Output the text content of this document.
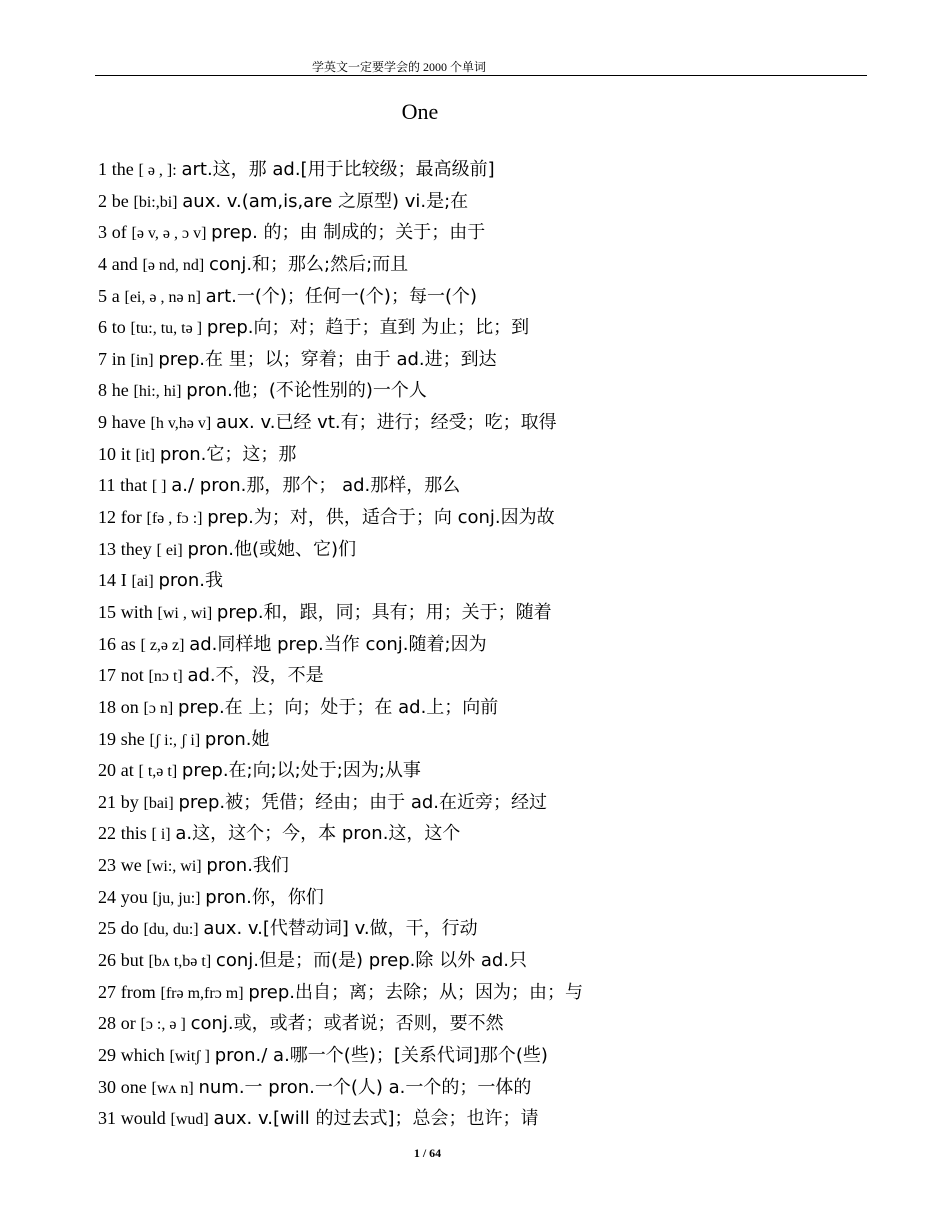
学英文一定要学会的 2000 个单词
One
1 the [ ə , ]: art.这，那 ad.[用于比较级；最高级前]
2 be [bi:,bi] aux. v.(am,is,are 之原型) vi.是;在
3 of [ə v, ə , ɔ v] prep. 的；由 制成的；关于；由于
4 and [ə nd, nd] conj.和；那么;然后;而且
5 a [ei, ə , nə n] art.一(个)；任何一(个)；每一(个)
6 to [tu:, tu, tə ] prep.向；对；趋于；直到 为止；比；到
7 in [in] prep.在 里；以；穿着；由于 ad.进；到达
8 he [hi:, hi] pron.他；(不论性别的)一个人
9 have [h v,hə v] aux. v.已经 vt.有；进行；经受；吃；取得
10 it [it] pron.它；这；那
11 that [ ] a./ pron.那，那个； ad.那样，那么
12 for [fə , fɔ :] prep.为；对，供，适合于；向 conj.因为故
13 they [ ei] pron.他(或她、它)们
14 I [ai] pron.我
15 with [wi , wi] prep.和，跟，同；具有；用；关于；随着
16 as [ z,ə z] ad.同样地 prep.当作 conj.随着;因为
17 not [nɔ t] ad.不，没，不是
18 on [ɔ n] prep.在 上；向；处于；在 ad.上；向前
19 she [ʃ i:, ʃ i] pron.她
20 at [ t,ə t] prep.在;向;以;处于;因为;从事
21 by [bai] prep.被；凭借；经由；由于 ad.在近旁；经过
22 this [ i] a.这，这个；今，本 pron.这，这个
23 we [wi:, wi] pron.我们
24 you [ju, ju:] pron.你，你们
25 do [du, du:] aux. v.[代替动词] v.做，干，行动
26 but [bʌ t,bə t] conj.但是；而(是) prep.除 以外 ad.只
27 from [frə m,frɔ m] prep.出自；离；去除；从；因为；由；与
28 or [ɔ :, ə ] conj.或，或者；或者说；否则，要不然
29 which [witʃ ] pron./ a.哪一个(些)；[关系代词]那个(些)
30 one [wʌ n] num.一 pron.一个(人) a.一个的；一体的
31 would [wud] aux. v.[will 的过去式]；总会；也许；请
1 / 64
